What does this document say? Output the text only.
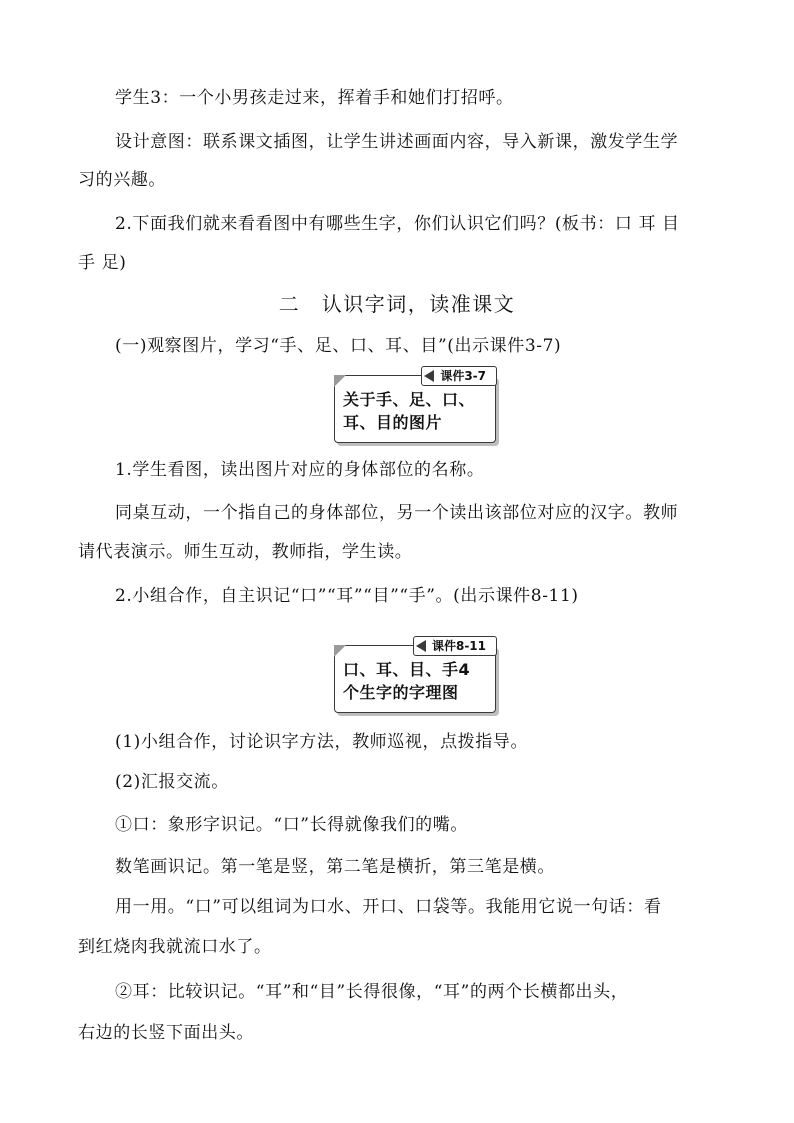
学生3：一个小男孩走过来，挥着手和她们打招呼。
设计意图：联系课文插图，让学生讲述画面内容，导入新课，激发学生学
习的兴趣。
2.下面我们就来看看图中有哪些生字，你们认识它们吗？(板书：口 耳 目
手 足)
二　认识字词，读准课文
(一)观察图片，学习“手、足、口、耳、目”(出示课件3-7)
课件3-7
关于手、足、口、
耳、目的图片
1.学生看图，读出图片对应的身体部位的名称。
同桌互动，一个指自己的身体部位，另一个读出该部位对应的汉字。教师
请代表演示。师生互动，教师指，学生读。
2.小组合作，自主识记“口”“耳”“目”“手”。(出示课件8-11)
课件8-11
口、耳、目、手4
个生字的字理图
(1)小组合作，讨论识字方法，教师巡视，点拨指导。
(2)汇报交流。
①口：象形字识记。“口”长得就像我们的嘴。
数笔画识记。第一笔是竖，第二笔是横折，第三笔是横。
用一用。“口”可以组词为口水、开口、口袋等。我能用它说一句话：看
到红烧肉我就流口水了。
②耳：比较识记。“耳”和“目”长得很像，“耳”的两个长横都出头，
右边的长竖下面出头。
